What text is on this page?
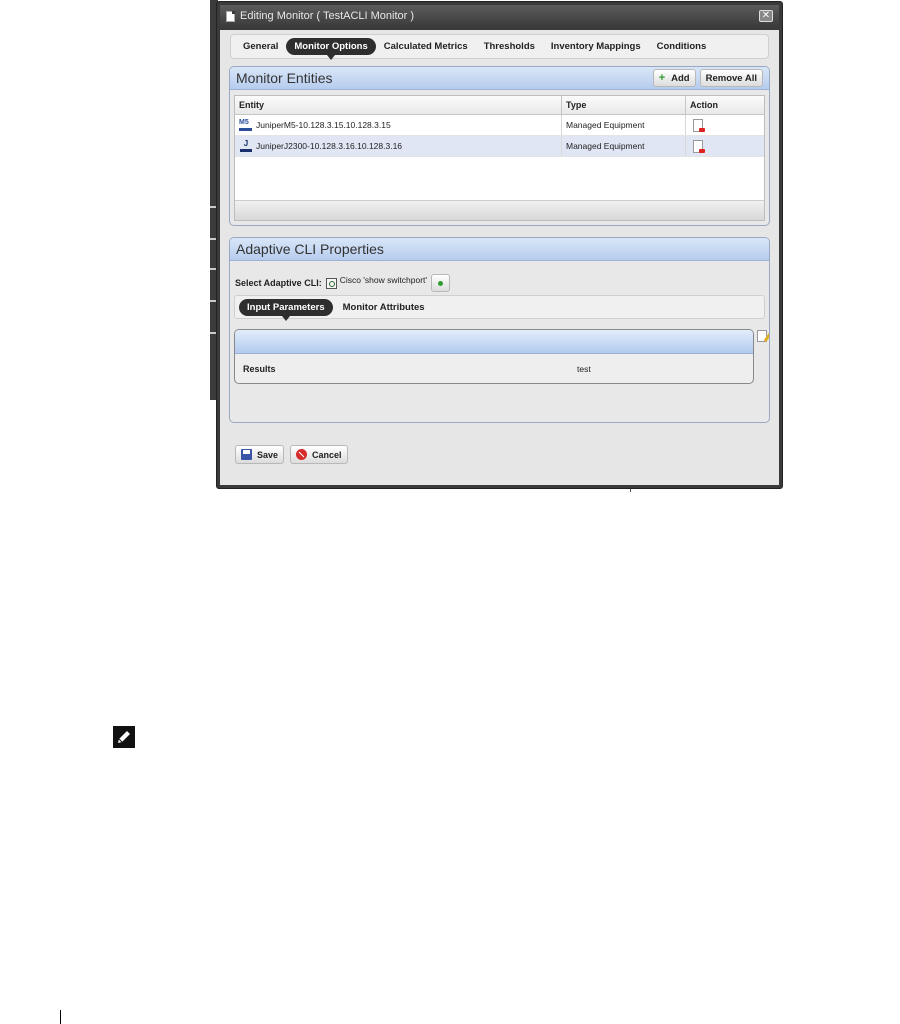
Editing Monitor ( TestACLI Monitor )	✕
General	Monitor Options	Calculated Metrics	Thresholds	Inventory Mappings	Conditions
Monitor Entities	+ Add	Remove All
Entity	Type	Action
M5 JuniperM5-10.128.3.15.10.128.3.15	Managed Equipment
J JuniperJ2300-10.128.3.16.10.128.3.16	Managed Equipment
Adaptive CLI Properties
Select Adaptive CLI: Cisco 'show switchport'
Input Parameters	Monitor Attributes
Results	test
Save	Cancel
